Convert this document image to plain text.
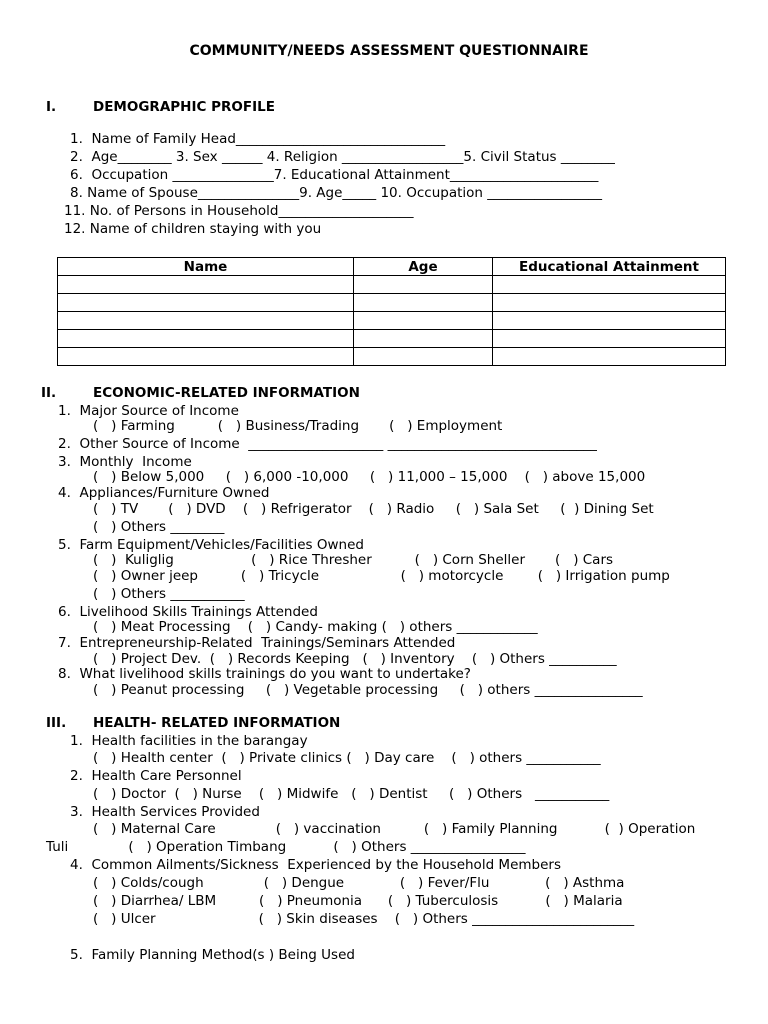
COMMUNITY/NEEDS ASSESSMENT QUESTIONNAIRE
I.	DEMOGRAPHIC PROFILE
1.  Name of Family Head_______________________________
2.  Age________ 3. Sex ______ 4. Religion __________________5. Civil Status ________
6.  Occupation _______________7. Educational Attainment______________________
8. Name of Spouse_______________9. Age_____ 10. Occupation _________________
11. No. of Persons in Household____________________
12. Name of children staying with you
Name	Age	Educational Attainment

II.	ECONOMIC-RELATED INFORMATION
1.  Major Source of Income
(   ) Farming          (   ) Business/Trading       (   ) Employment
2.  Other Source of Income  ____________________ _______________________________
3.  Monthly  Income
(   ) Below 5,000     (   ) 6,000 -10,000     (   ) 11,000 – 15,000    (   ) above 15,000
4.  Appliances/Furniture Owned
(   ) TV       (   ) DVD    (   ) Refrigerator    (   ) Radio     (   ) Sala Set     (  ) Dining Set
(   ) Others ________
5.  Farm Equipment/Vehicles/Facilities Owned
(   )  Kuliglig                  (   ) Rice Thresher          (   ) Corn Sheller       (   ) Cars
(   ) Owner jeep          (   ) Tricycle                   (   ) motorcycle        (   ) Irrigation pump
(   ) Others ___________
6.  Livelihood Skills Trainings Attended
(   ) Meat Processing    (   ) Candy- making (   ) others ____________
7.  Entrepreneurship-Related  Trainings/Seminars Attended
(   ) Project Dev.  (   ) Records Keeping   (   ) Inventory    (   ) Others __________
8.  What livelihood skills trainings do you want to undertake?
(   ) Peanut processing     (   ) Vegetable processing     (   ) others ________________
III. HEALTH- RELATED INFORMATION
1.  Health facilities in the barangay
(   ) Health center  (   ) Private clinics (   ) Day care    (   ) others ___________
2.  Health Care Personnel
(   ) Doctor  (   ) Nurse    (   ) Midwife   (   ) Dentist     (   ) Others   ___________
3.  Health Services Provided
(   ) Maternal Care              (   ) vaccination          (   ) Family Planning           (  ) Operation
Tuli              (   ) Operation Timbang           (   ) Others _________________
4.  Common Ailments/Sickness  Experienced by the Household Members
(   ) Colds/cough              (   ) Dengue             (   ) Fever/Flu             (   ) Asthma
(   ) Diarrhea/ LBM          (   ) Pneumonia      (   ) Tuberculosis           (   ) Malaria
(   ) Ulcer                        (   ) Skin diseases    (   ) Others ________________________
5.  Family Planning Method(s ) Being Used
